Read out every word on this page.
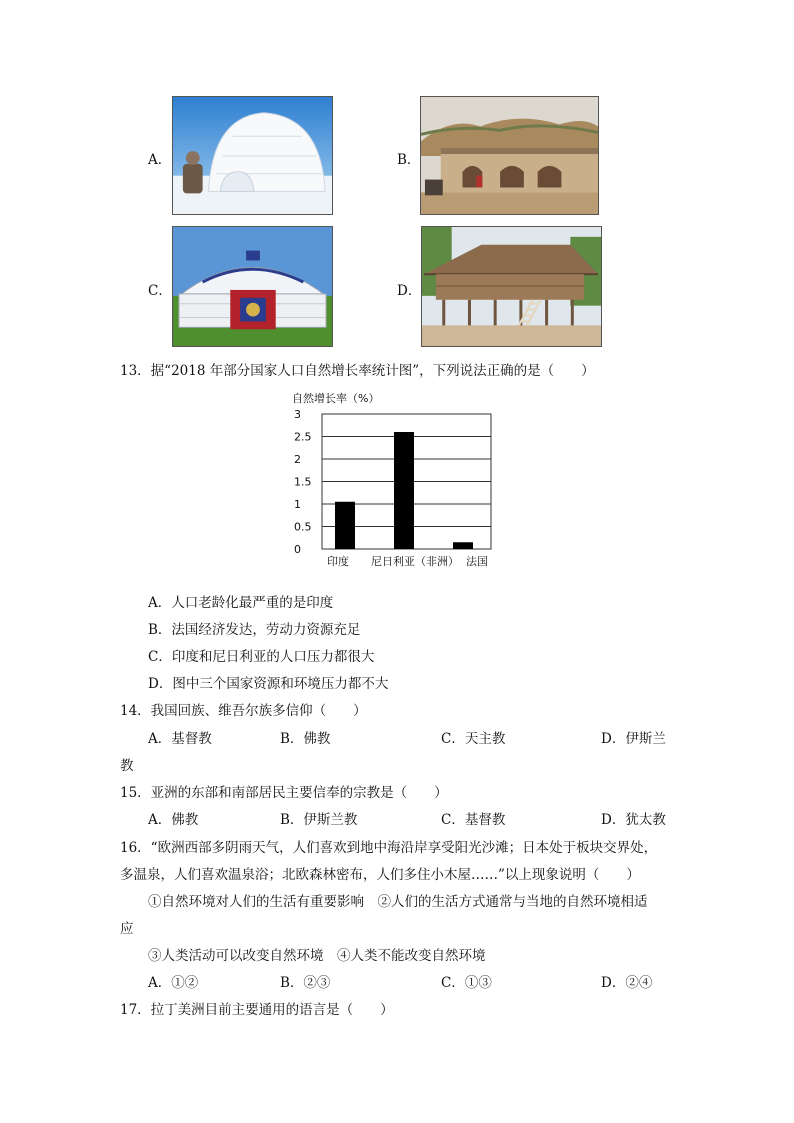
A．	B．
C．	D．
13．据“2018 年部分国家人口自然增长率统计图”，下列说法正确的是（　　）
自然增长率（%）
0
0.5
1
1.5
2
2.5
3
印度 尼日利亚（非洲） 法国
A．人口老龄化最严重的是印度
B．法国经济发达，劳动力资源充足
C．印度和尼日利亚的人口压力都很大
D．图中三个国家资源和环境压力都不大
14．我国回族、维吾尔族多信仰（　　）
A．基督教	B．佛教	C．天主教	D．伊斯兰
教
15．亚洲的东部和南部居民主要信奉的宗教是（　　）
A．佛教	B．伊斯兰教	C．基督教	D．犹太教
16．“欧洲西部多阴雨天气，人们喜欢到地中海沿岸享受阳光沙滩；日本处于板块交界处，
多温泉，人们喜欢温泉浴；北欧森林密布，人们多住小木屋……”以上现象说明（　　）
①自然环境对人们的生活有重要影响　②人们的生活方式通常与当地的自然环境相适
应
③人类活动可以改变自然环境　④人类不能改变自然环境
A．①②	B．②③	C．①③	D．②④
17．拉丁美洲目前主要通用的语言是（　　）
